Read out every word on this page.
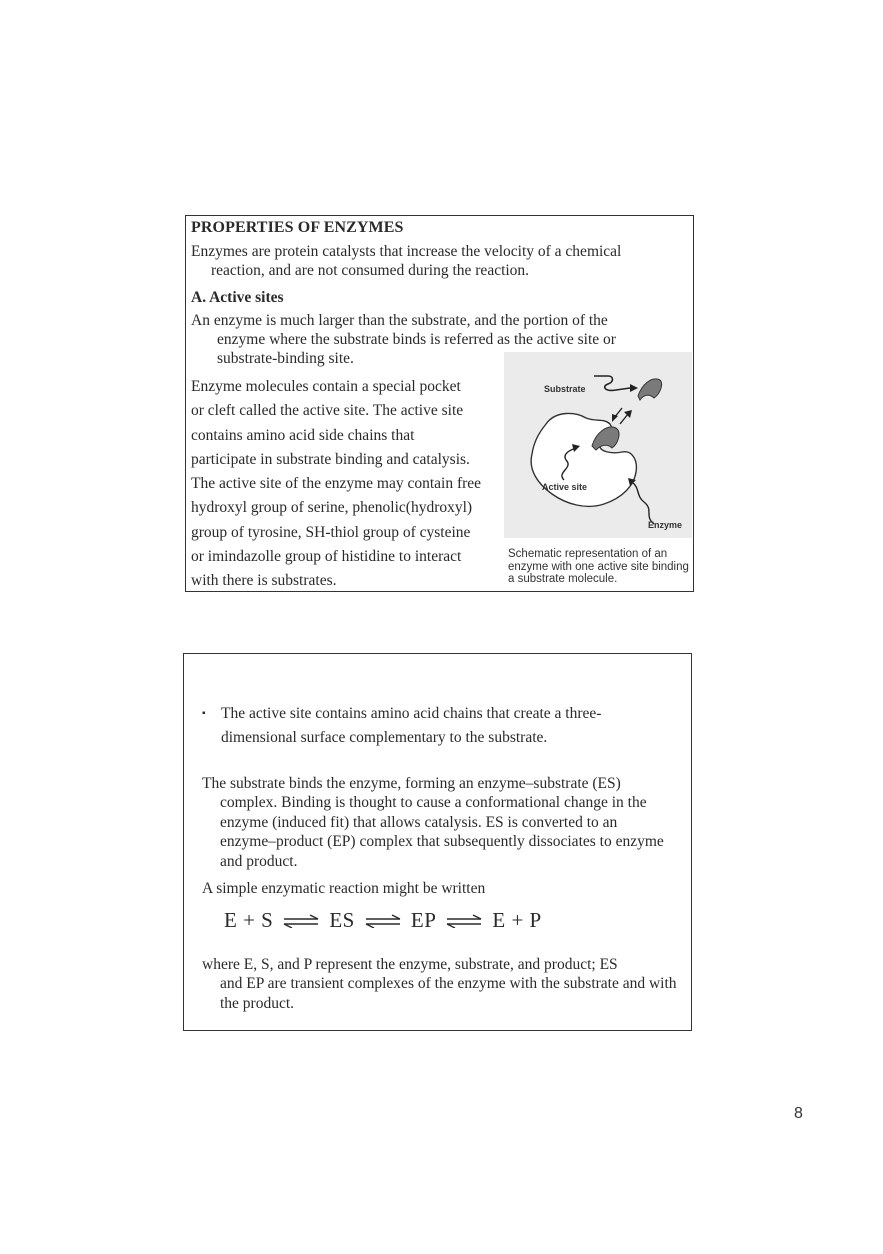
PROPERTIES OF ENZYMES
Enzymes are protein catalysts that increase the velocity of a chemical
reaction, and are not consumed during the reaction.
A. Active sites
An enzyme is much larger than the substrate, and the portion of the
enzyme where the substrate binds is referred as the active site or
substrate-binding site.
Enzyme molecules contain a special pocket
or cleft called the active site. The active site
contains amino acid side chains that
participate in substrate binding and catalysis.
The active site of the enzyme may contain free
hydroxyl group of serine, phenolic(hydroxyl)
group of tyrosine, SH-thiol group of cysteine
or imindazolle group of histidine to interact
with there is substrates.
Substrate
Active site
Enzyme
Schematic representation of an enzyme with one active site binding a substrate molecule.
▪ The active site contains amino acid chains that create a three-
dimensional surface complementary to the substrate.
The substrate binds the enzyme, forming an enzyme–substrate (ES)
complex. Binding is thought to cause a conformational change in the enzyme (induced fit) that allows catalysis. ES is converted to an enzyme–product (EP) complex that subsequently dissociates to enzyme and product.
A simple enzymatic reaction might be written
E + S ⇌ ES ⇌ EP ⇌ E + P
where E, S, and P represent the enzyme, substrate, and product; ES
and EP are transient complexes of the enzyme with the substrate and with the product.
8
